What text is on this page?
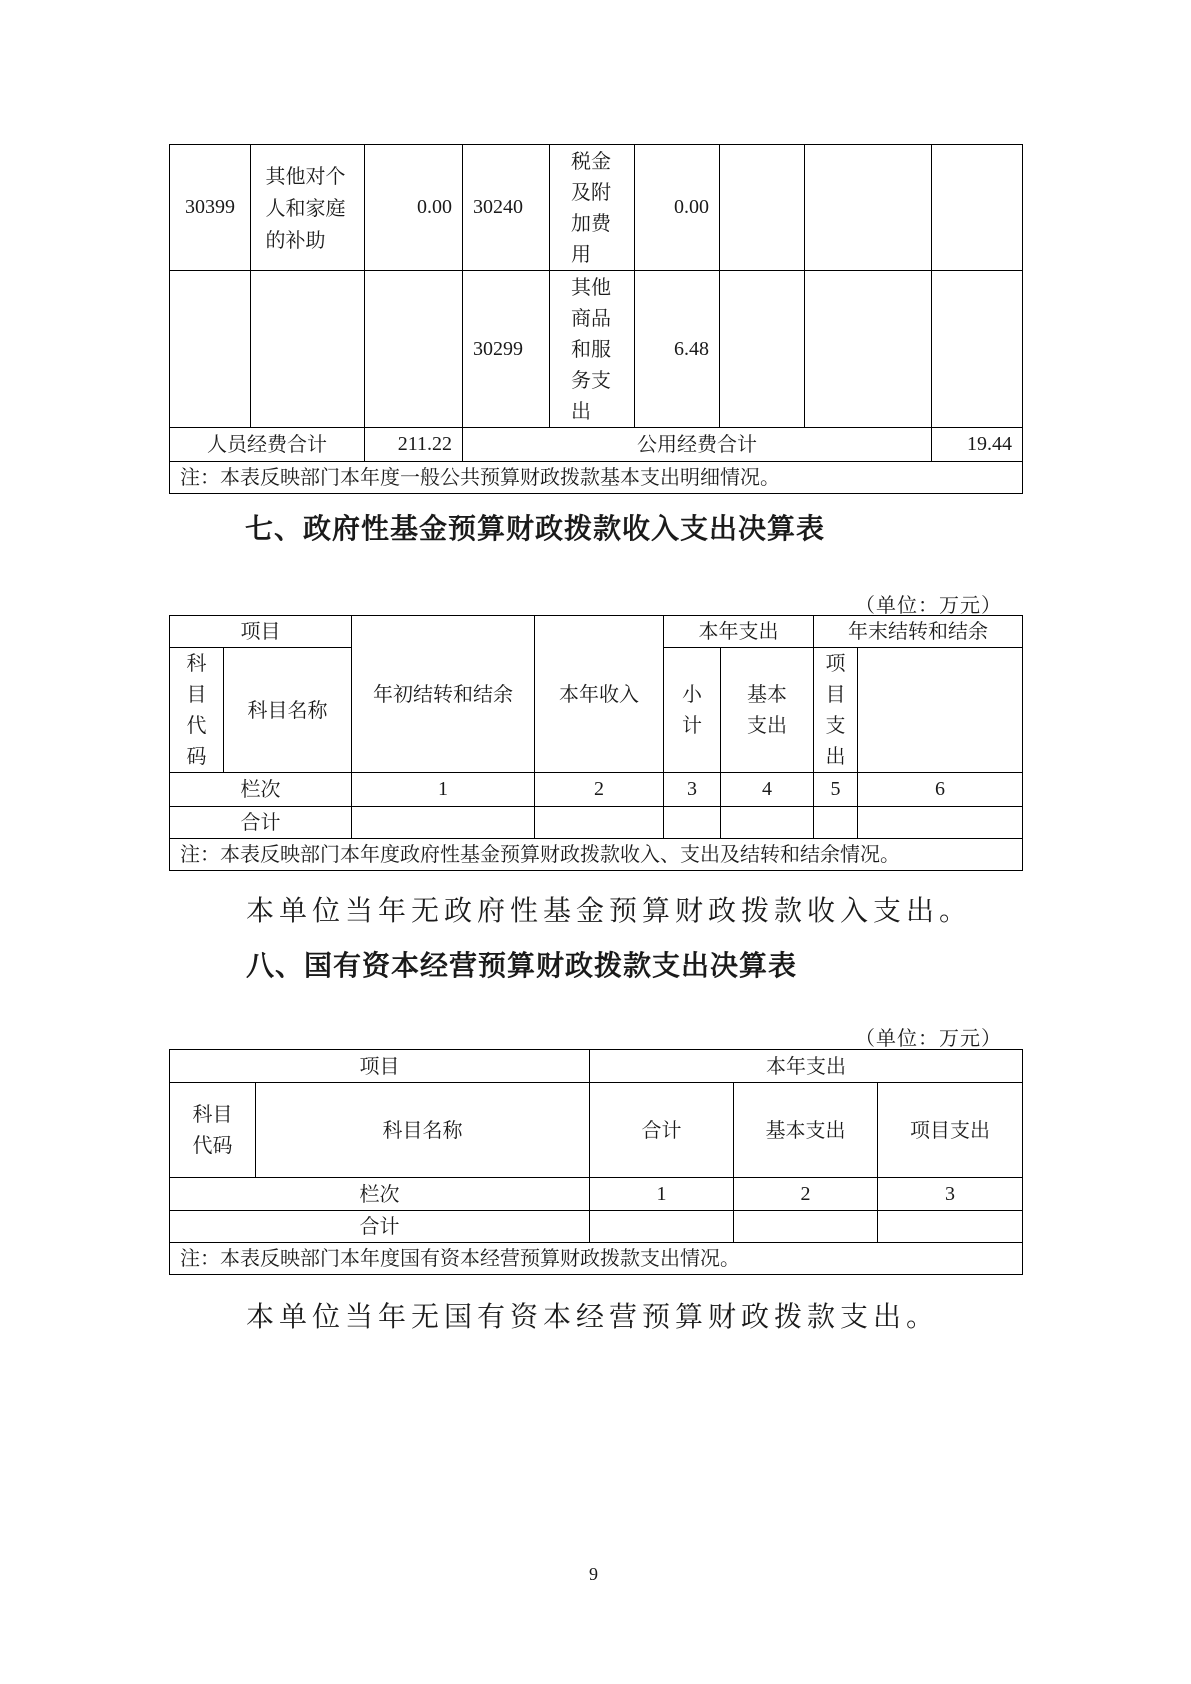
30399	其他对个人和家庭的补助	0.00	30240	税金及附加费用	0.00			
			30299	其他商品和服务支出	6.48			
人员经费合计		211.22	公用经费合计					19.44
注：本表反映部门本年度一般公共预算财政拨款基本支出明细情况。								
七、政府性基金预算财政拨款收入支出决算表
（单位：万元）
项目		年初结转和结余	本年收入	本年支出		年末结转和结余	

科目代码	科目名称			小计	基本支出	项目支出	

栏次		1	2	3	4	5	6
合计							
注：本表反映部门本年度政府性基金预算财政拨款收入、支出及结转和结余情况。							
本单位当年无政府性基金预算财政拨款收入支出。
八、国有资本经营预算财政拨款支出决算表
（单位：万元）
项目		本年支出		

科目代码	科目名称	合计	基本支出	项目支出
栏次		1	2	3
合计				
注：本表反映部门本年度国有资本经营预算财政拨款支出情况。				
本单位当年无国有资本经营预算财政拨款支出。
9
